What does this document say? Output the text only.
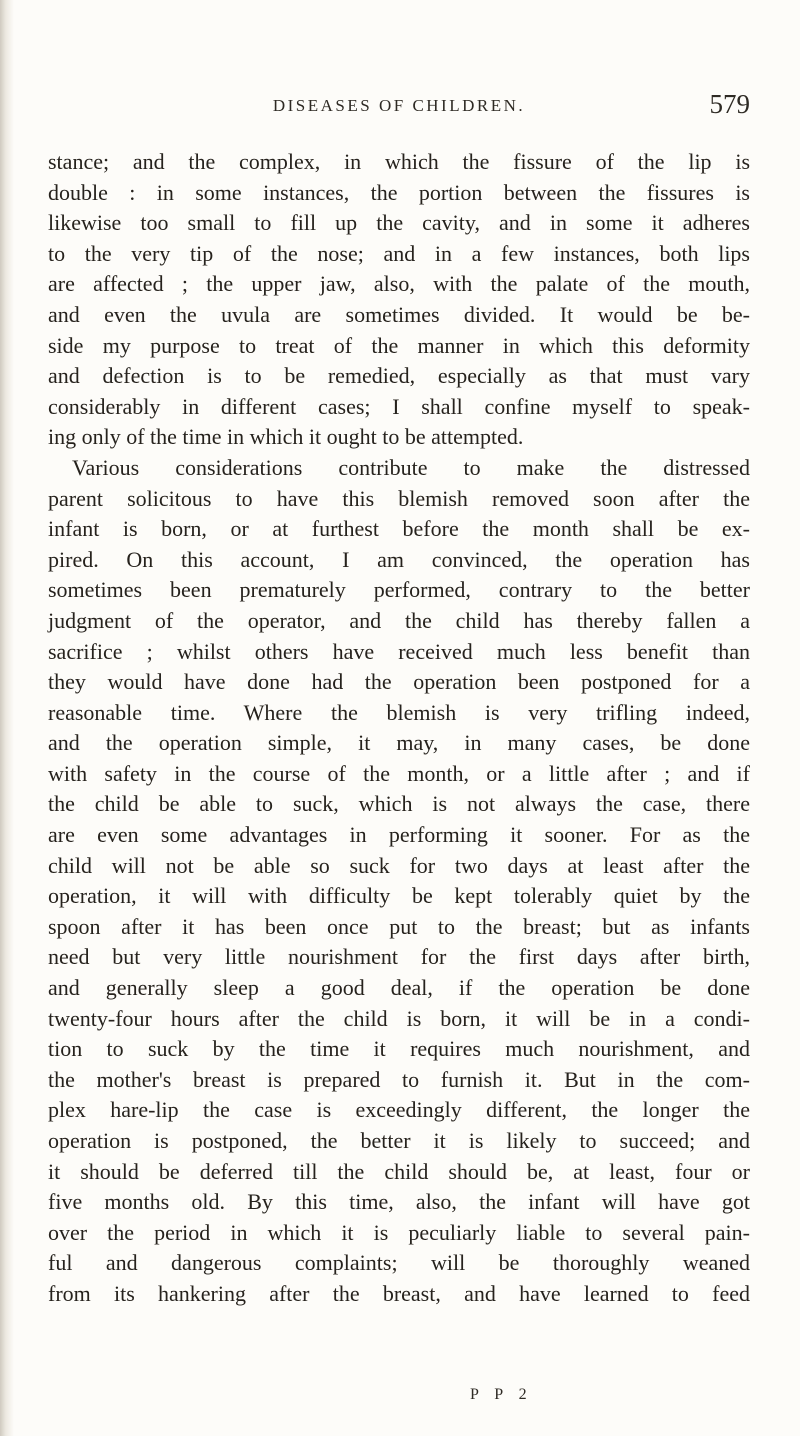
DISEASES OF CHILDREN.	579
stance; and the complex, in which the fissure of the lip is
double : in some instances, the portion between the fissures is
likewise too small to fill up the cavity, and in some it adheres
to the very tip of the nose; and in a few instances, both lips
are affected ; the upper jaw, also, with the palate of the mouth,
and even the uvula are sometimes divided. It would be be-
side my purpose to treat of the manner in which this deformity
and defection is to be remedied, especially as that must vary
considerably in different cases; I shall confine myself to speak-
ing only of the time in which it ought to be attempted.
Various considerations contribute to make the distressed
parent solicitous to have this blemish removed soon after the
infant is born, or at furthest before the month shall be ex-
pired. On this account, I am convinced, the operation has
sometimes been prematurely performed, contrary to the better
judgment of the operator, and the child has thereby fallen a
sacrifice ; whilst others have received much less benefit than
they would have done had the operation been postponed for a
reasonable time. Where the blemish is very trifling indeed,
and the operation simple, it may, in many cases, be done
with safety in the course of the month, or a little after ; and if
the child be able to suck, which is not always the case, there
are even some advantages in performing it sooner. For as the
child will not be able so suck for two days at least after the
operation, it will with difficulty be kept tolerably quiet by the
spoon after it has been once put to the breast; but as infants
need but very little nourishment for the first days after birth,
and generally sleep a good deal, if the operation be done
twenty-four hours after the child is born, it will be in a condi-
tion to suck by the time it requires much nourishment, and
the mother's breast is prepared to furnish it. But in the com-
plex hare-lip the case is exceedingly different, the longer the
operation is postponed, the better it is likely to succeed; and
it should be deferred till the child should be, at least, four or
five months old. By this time, also, the infant will have got
over the period in which it is peculiarly liable to several pain-
ful and dangerous complaints; will be thoroughly weaned
from its hankering after the breast, and have learned to feed
P P 2
